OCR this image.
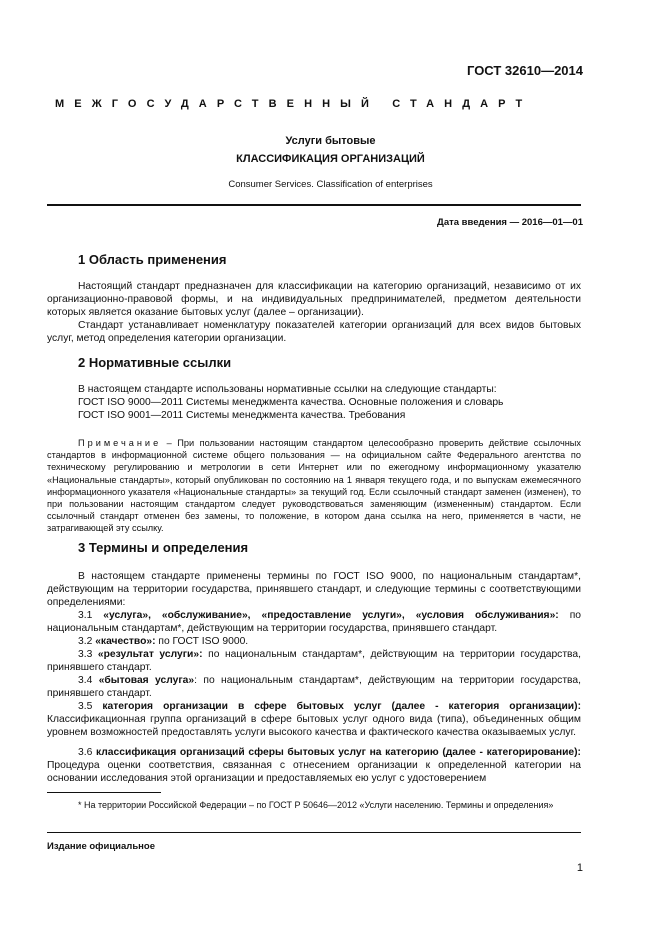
ГОСТ 32610—2014
МЕЖГОСУДАРСТВЕННЫЙ СТАНДАРТ
Услуги бытовые
КЛАССИФИКАЦИЯ ОРГАНИЗАЦИЙ
Consumer Services. Classification of enterprises
Дата введения — 2016—01—01
1 Область применения
Настоящий стандарт предназначен для классификации на категорию организаций, независимо от их организационно-правовой формы, и на индивидуальных предпринимателей, предметом деятельности которых является оказание бытовых услуг (далее – организации).
Стандарт устанавливает номенклатуру показателей категории организаций для всех видов бытовых услуг, метод определения категории организации.
2 Нормативные ссылки
В настоящем стандарте использованы нормативные ссылки на следующие стандарты:
ГОСТ ISO 9000—2011 Системы менеджмента качества. Основные положения и словарь
ГОСТ ISO 9001—2011 Системы менеджмента качества. Требования
Примечание – При пользовании настоящим стандартом целесообразно проверить действие ссылочных стандартов в информационной системе общего пользования — на официальном сайте Федерального агентства по техническому регулированию и метрологии в сети Интернет или по ежегодному информационному указателю «Национальные стандарты», который опубликован по состоянию на 1 января текущего года, и по выпускам ежемесячного информационного указателя «Национальные стандарты» за текущий год. Если ссылочный стандарт заменен (изменен), то при пользовании настоящим стандартом следует руководствоваться заменяющим (измененным) стандартом. Если ссылочный стандарт отменен без замены, то положение, в котором дана ссылка на него, применяется в части, не затрагивающей эту ссылку.
3 Термины и определения
В настоящем стандарте применены термины по ГОСТ ISO 9000, по национальным стандартам*, действующим на территории государства, принявшего стандарт, и следующие термины с соответствующими определениями:
3.1 «услуга», «обслуживание», «предоставление услуги», «условия обслуживания»: по национальным стандартам*, действующим на территории государства, принявшего стандарт.
3.2 «качество»: по ГОСТ ISO 9000.
3.3 «результат услуги»: по национальным стандартам*, действующим на территории государства, принявшего стандарт.
3.4 «бытовая услуга»: по национальным стандартам*, действующим на территории государства, принявшего стандарт.
3.5 категория организации в сфере бытовых услуг (далее - категория организации): Классификационная группа организаций в сфере бытовых услуг одного вида (типа), объединенных общим уровнем возможностей предоставлять услуги высокого качества и фактического качества оказываемых услуг.
3.6 классификация организаций сферы бытовых услуг на категорию (далее - категорирование): Процедура оценки соответствия, связанная с отнесением организации к определенной категории на основании исследования этой организации и предоставляемых ею услуг с удостоверением
* На территории Российской Федерации – по ГОСТ Р 50646—2012 «Услуги населению. Термины и определения»
Издание официальное
1
